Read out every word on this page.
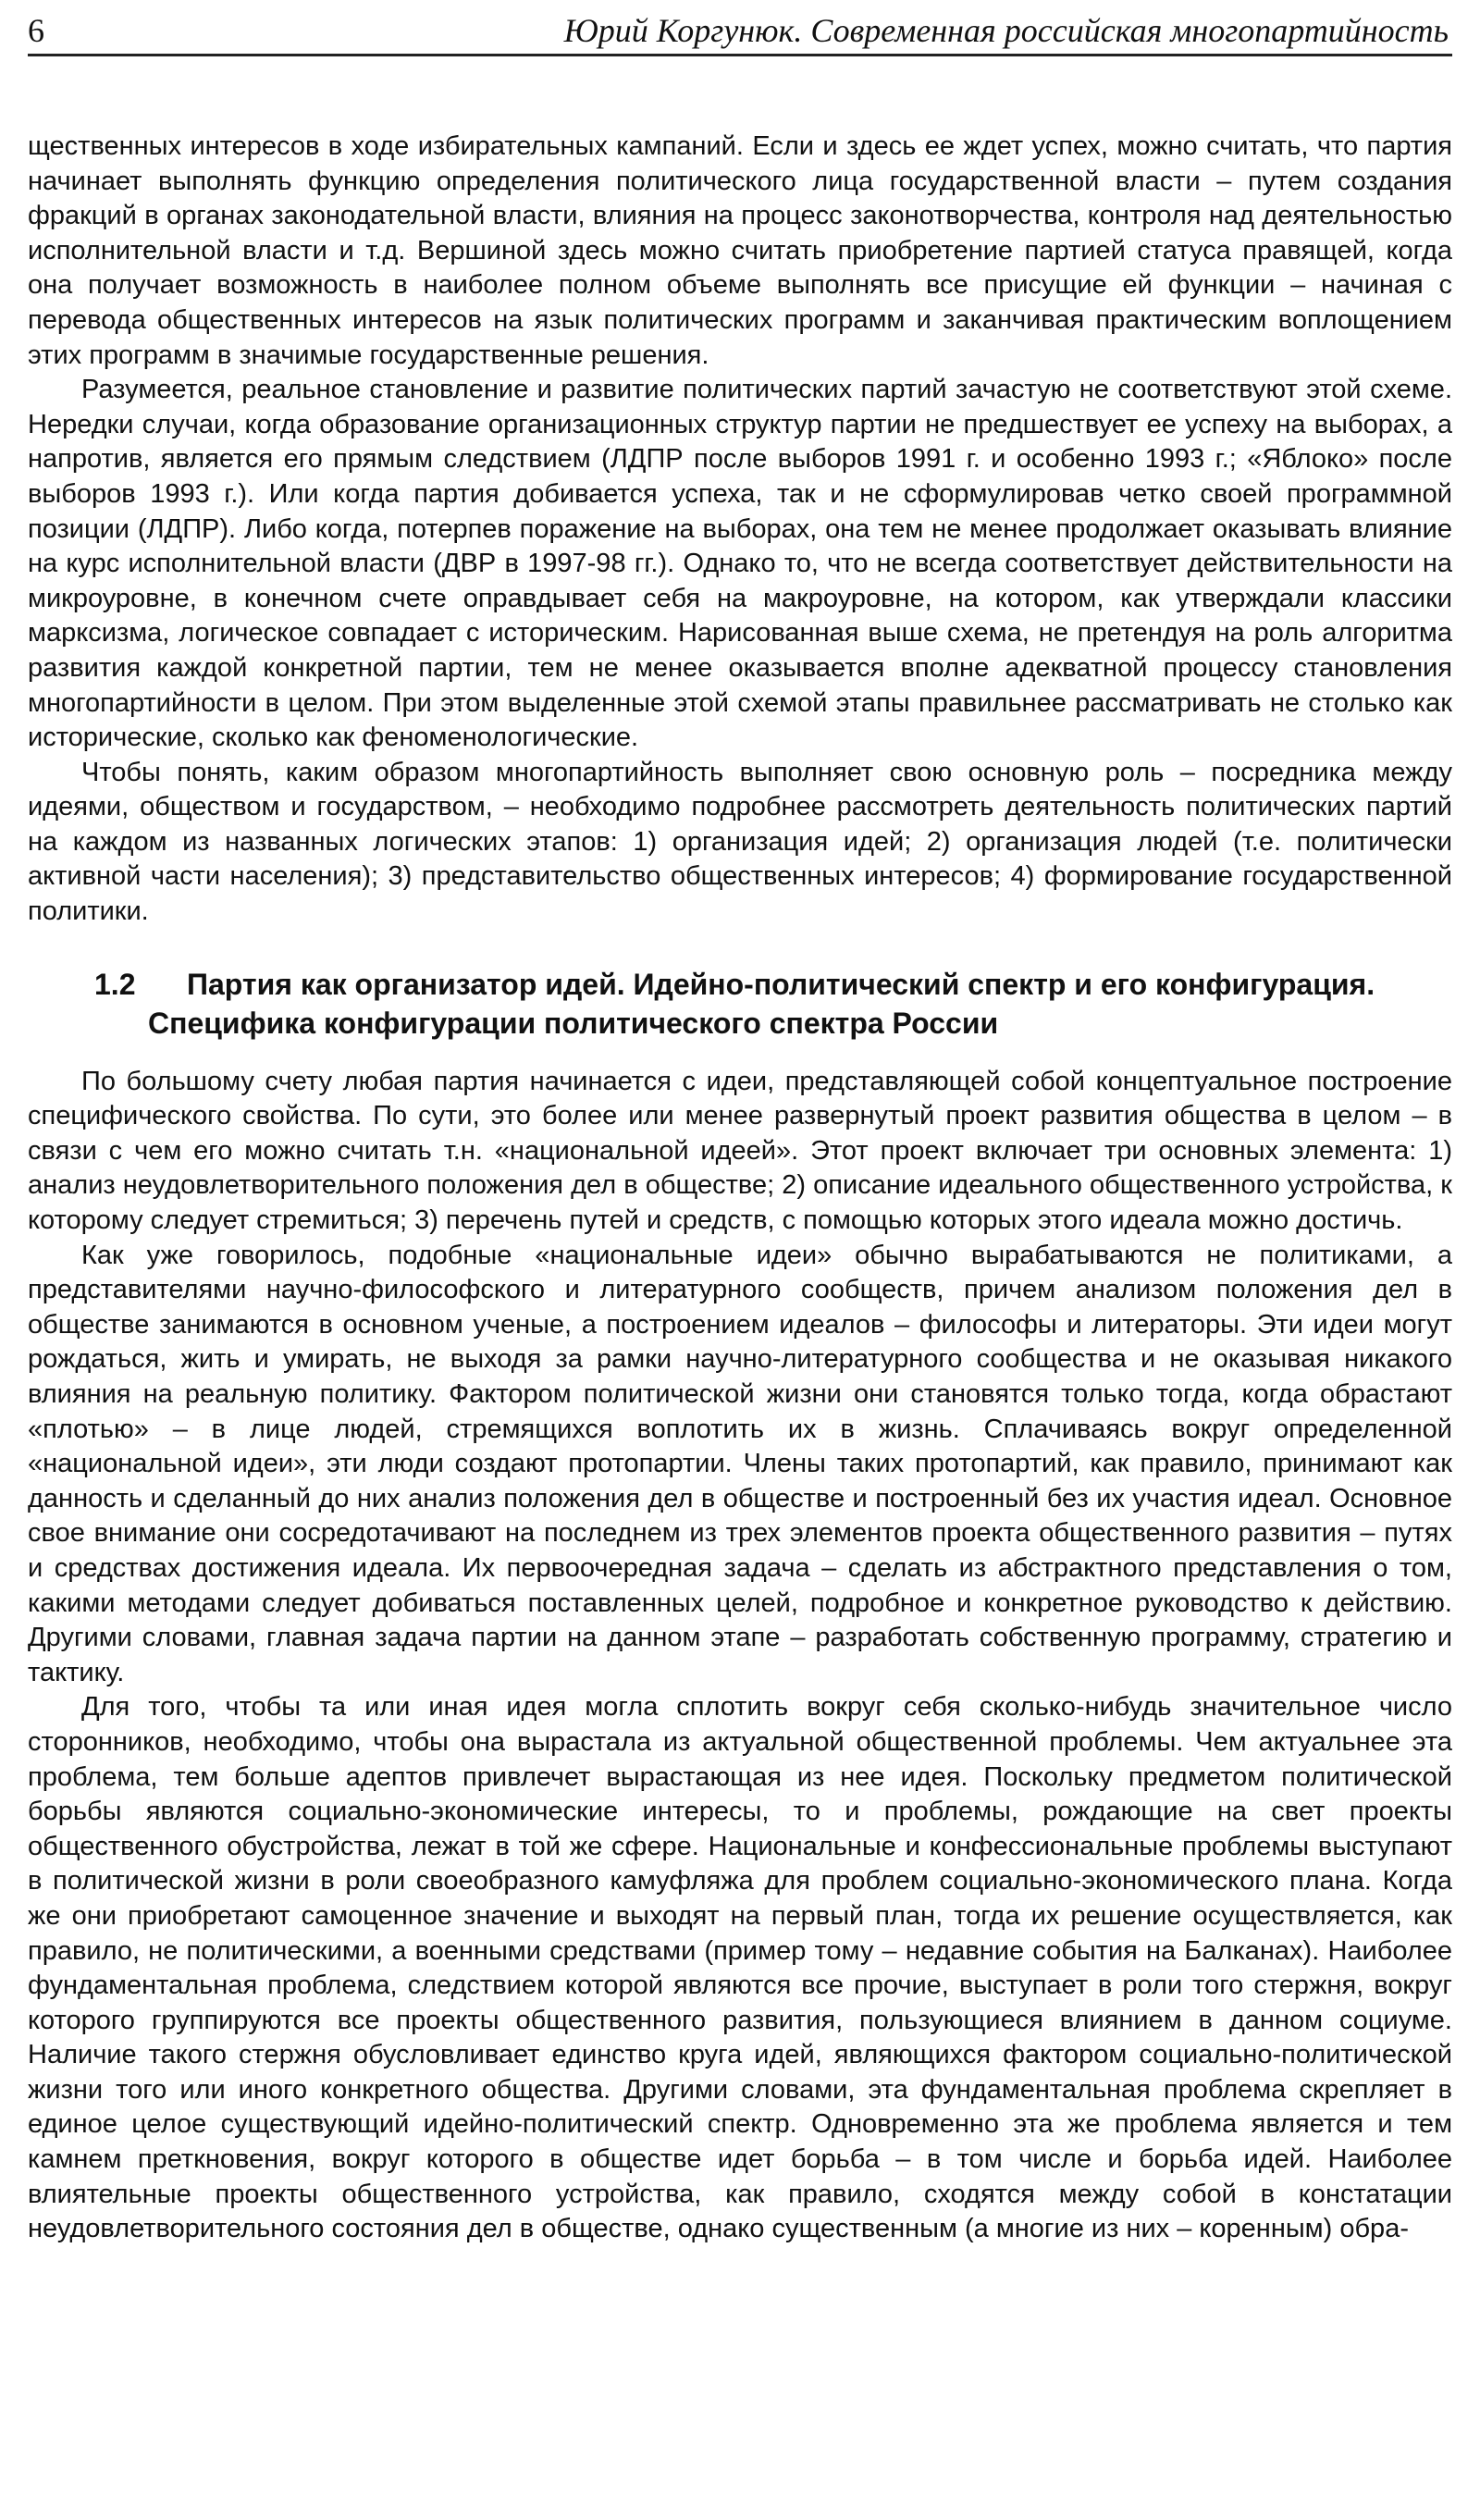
6	Юрий Коргунюк. Современная российская многопартийность

щественных интересов в ходе избирательных кампаний. Если и здесь ее ждет успех, можно считать, что партия начинает выполнять функцию определения политического лица государственной власти – путем создания фракций в органах законодательной власти, влияния на процесс законотворчества, контроля над деятельностью исполнительной власти и т.д. Вершиной здесь можно считать приобретение партией статуса правящей, когда она получает возможность в наиболее полном объеме выполнять все присущие ей функции – начиная с перевода общественных интересов на язык политических программ и заканчивая практическим воплощением этих программ в значимые государственные решения.

Разумеется, реальное становление и развитие политических партий зачастую не соответствуют этой схеме. Нередки случаи, когда образование организационных структур партии не предшествует ее успеху на выборах, а напротив, является его прямым следствием (ЛДПР после выборов 1991 г. и особенно 1993 г.; «Яблоко» после выборов 1993 г.). Или когда партия добивается успеха, так и не сформулировав четко своей программной позиции (ЛДПР). Либо когда, потерпев поражение на выборах, она тем не менее продолжает оказывать влияние на курс исполнительной власти (ДВР в 1997-98 гг.). Однако то, что не всегда соответствует действительности на микроуровне, в конечном счете оправдывает себя на макроуровне, на котором, как утверждали классики марксизма, логическое совпадает с историческим. Нарисованная выше схема, не претендуя на роль алгоритма развития каждой конкретной партии, тем не менее оказывается вполне адекватной процессу становления многопартийности в целом. При этом выделенные этой схемой этапы правильнее рассматривать не столько как исторические, сколько как феноменологические.

Чтобы понять, каким образом многопартийность выполняет свою основную роль – посредника между идеями, обществом и государством, – необходимо подробнее рассмотреть деятельность политических партий на каждом из названных логических этапов: 1) организация идей; 2) организация людей (т.е. политически активной части населения); 3) представительство общественных интересов; 4) формирование государственной политики.

1.2 Партия как организатор идей. Идейно-политический спектр и его конфигурация. Специфика конфигурации политического спектра России

По большому счету любая партия начинается с идеи, представляющей собой концептуальное построение специфического свойства. По сути, это более или менее развернутый проект развития общества в целом – в связи с чем его можно считать т.н. «национальной идеей». Этот проект включает три основных элемента: 1) анализ неудовлетворительного положения дел в обществе; 2) описание идеального общественного устройства, к которому следует стремиться; 3) перечень путей и средств, с помощью которых этого идеала можно достичь.

Как уже говорилось, подобные «национальные идеи» обычно вырабатываются не политиками, а представителями научно-философского и литературного сообществ, причем анализом положения дел в обществе занимаются в основном ученые, а построением идеалов – философы и литераторы. Эти идеи могут рождаться, жить и умирать, не выходя за рамки научно-литературного сообщества и не оказывая никакого влияния на реальную политику. Фактором политической жизни они становятся только тогда, когда обрастают «плотью» – в лице людей, стремящихся воплотить их в жизнь. Сплачиваясь вокруг определенной «национальной идеи», эти люди создают протопартии. Члены таких протопартий, как правило, принимают как данность и сделанный до них анализ положения дел в обществе и построенный без их участия идеал. Основное свое внимание они сосредотачивают на последнем из трех элементов проекта общественного развития – путях и средствах достижения идеала. Их первоочередная задача – сделать из абстрактного представления о том, какими методами следует добиваться поставленных целей, подробное и конкретное руководство к действию. Другими словами, главная задача партии на данном этапе – разработать собственную программу, стратегию и тактику.

Для того, чтобы та или иная идея могла сплотить вокруг себя сколько-нибудь значительное число сторонников, необходимо, чтобы она вырастала из актуальной общественной проблемы. Чем актуальнее эта проблема, тем больше адептов привлечет вырастающая из нее идея. Поскольку предметом политической борьбы являются социально-экономические интересы, то и проблемы, рождающие на свет проекты общественного обустройства, лежат в той же сфере. Национальные и конфессиональные проблемы выступают в политической жизни в роли своеобразного камуфляжа для проблем социально-экономического плана. Когда же они приобретают самоценное значение и выходят на первый план, тогда их решение осуществляется, как правило, не политическими, а военными средствами (пример тому – недавние события на Балканах). Наиболее фундаментальная проблема, следствием которой являются все прочие, выступает в роли того стержня, вокруг которого группируются все проекты общественного развития, пользующиеся влиянием в данном социуме. Наличие такого стержня обусловливает единство круга идей, являющихся фактором социально-политической жизни того или иного конкретного общества. Другими словами, эта фундаментальная проблема скрепляет в единое целое существующий идейно-политический спектр. Одновременно эта же проблема является и тем камнем преткновения, вокруг которого в обществе идет борьба – в том числе и борьба идей. Наиболее влиятельные проекты общественного устройства, как правило, сходятся между собой в констатации неудовлетворительного состояния дел в обществе, однако существенным (а многие из них – коренным) обра-
